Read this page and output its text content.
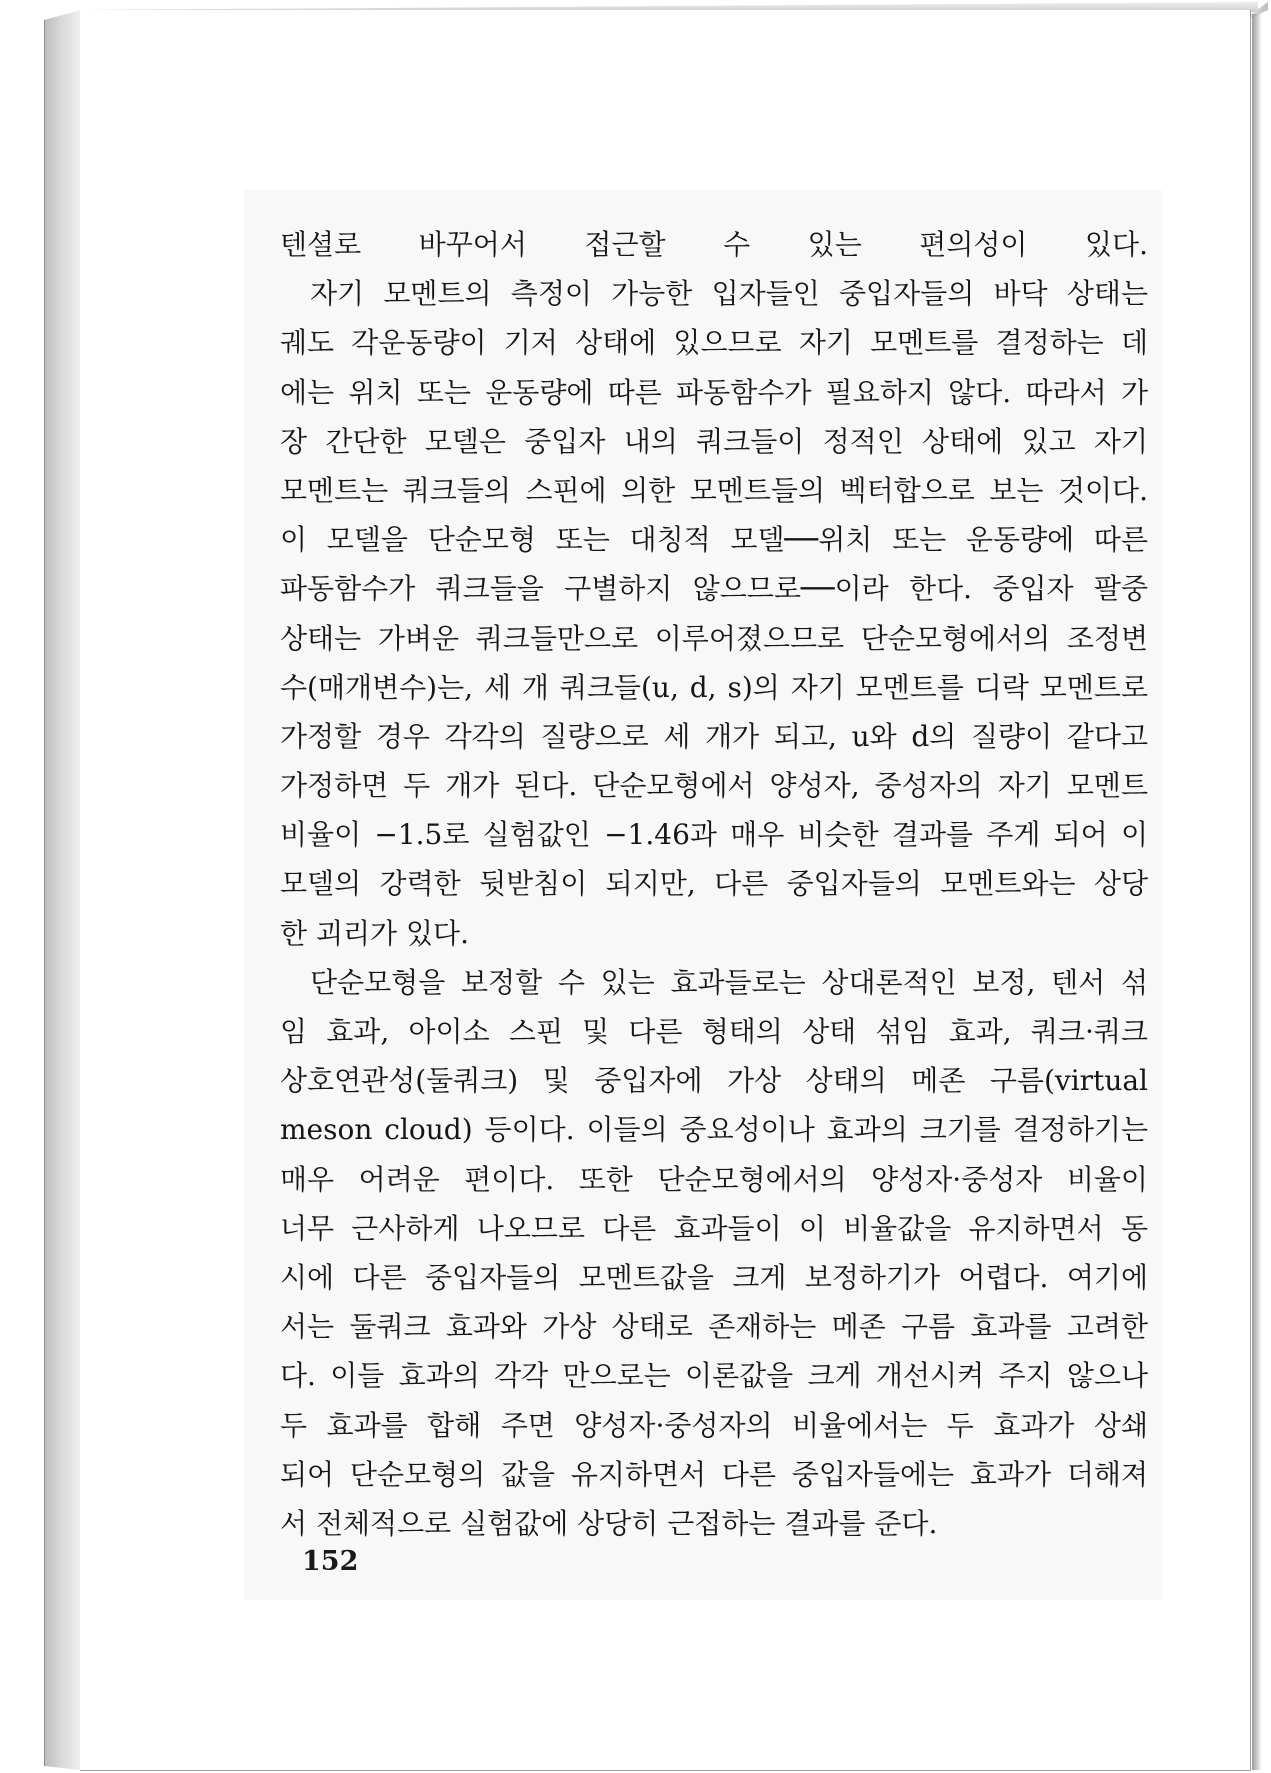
텐셜로 바꾸어서 접근할 수 있는 편의성이 있다.
자기 모멘트의 측정이 가능한 입자들인 중입자들의 바닥 상태는
궤도 각운동량이 기저 상태에 있으므로 자기 모멘트를 결정하는 데
에는 위치 또는 운동량에 따른 파동함수가 필요하지 않다. 따라서 가
장 간단한 모델은 중입자 내의 쿼크들이 정적인 상태에 있고 자기
모멘트는 쿼크들의 스핀에 의한 모멘트들의 벡터합으로 보는 것이다.
이 모델을 단순모형 또는 대칭적 모델──위치 또는 운동량에 따른
파동함수가 쿼크들을 구별하지 않으므로──이라 한다. 중입자 팔중
상태는 가벼운 쿼크들만으로 이루어졌으므로 단순모형에서의 조정변
수(매개변수)는, 세 개 쿼크들(u, d, s)의 자기 모멘트를 디락 모멘트로
가정할 경우 각각의 질량으로 세 개가 되고, u와 d의 질량이 같다고
가정하면 두 개가 된다. 단순모형에서 양성자, 중성자의 자기 모멘트
비율이 −1.5로 실험값인 −1.46과 매우 비슷한 결과를 주게 되어 이
모델의 강력한 뒷받침이 되지만, 다른 중입자들의 모멘트와는 상당
한 괴리가 있다.
단순모형을 보정할 수 있는 효과들로는 상대론적인 보정, 텐서 섞
임 효과, 아이소 스핀 및 다른 형태의 상태 섞임 효과, 쿼크·쿼크
상호연관성(둘쿼크) 및 중입자에 가상 상태의 메존 구름(virtual
meson cloud) 등이다. 이들의 중요성이나 효과의 크기를 결정하기는
매우 어려운 편이다. 또한 단순모형에서의 양성자·중성자 비율이
너무 근사하게 나오므로 다른 효과들이 이 비율값을 유지하면서 동
시에 다른 중입자들의 모멘트값을 크게 보정하기가 어렵다. 여기에
서는 둘쿼크 효과와 가상 상태로 존재하는 메존 구름 효과를 고려한
다. 이들 효과의 각각 만으로는 이론값을 크게 개선시켜 주지 않으나
두 효과를 합해 주면 양성자·중성자의 비율에서는 두 효과가 상쇄
되어 단순모형의 값을 유지하면서 다른 중입자들에는 효과가 더해져
서 전체적으로 실험값에 상당히 근접하는 결과를 준다.
152
